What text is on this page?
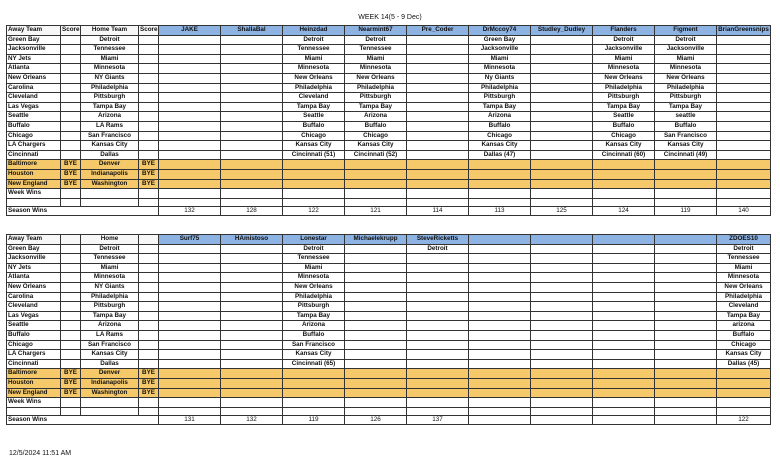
WEEK 14(5 - 9 Dec)
Away Team	Score	Home Team	Score	JAKE	ShallaBal	Heinzdad	Nearmint67	Pre_Coder	DrMccoy74	Studley_Dudley	Flanders	Figment	BrianGreensnips
Green Bay		Detroit				Detroit	Detroit		Green Bay		Detroit	Detroit	
Jacksonville		Tennessee				Tennessee	Tennessee		Jacksonville		Jacksonville	Jacksonville	
NY Jets		Miami				Miami	Miami		Miami		Miami	Miami	
Atlanta		Minnesota				Minnesota	Minnesota		Minnesota		Minnesota	Minnesota	
New Orleans		NY Giants				New Orleans	New Orleans		Ny Giants		New Orleans	New Orleans	
Carolina		Philadelphia				Philadelphia	Philadelphia		Philadelphia		Philadelphia	Philadelphia	
Cleveland		Pittsburgh				Cleveland	Pittsburgh		Pittsburgh		Pittsburgh	Pittsburgh	
Las Vegas		Tampa Bay				Tampa Bay	Tampa Bay		Tampa Bay		Tampa Bay	Tampa Bay	
Seattle		Arizona				Seattle	Arizona		Arizona		Seattle	seattle	
Buffalo		LA Rams				Buffalo	Buffalo		Buffalo		Buffalo	Buffalo	
Chicago		San Francisco				Chicago	Chicago		Chicago		Chicago	San Francisco	
LA Chargers		Kansas City				Kansas City	Kansas City		Kansas City		Kansas City	Kansas City	
Cincinnati		Dallas				Cincinnati (51)	Cincinnati (52)		Dallas (47)		Cincinnati (60)	Cincinnati (49)	
Baltimore	BYE	Denver	BYE										
Houston	BYE	Indianapolis	BYE										
New England	BYE	Washington	BYE										
Week Wins													

Season Wins				132	128	122	121	114	113	125	124	119	140
Away Team		Home		Surf75	HAmistoso	Lonestar	Michaelekrupp	SteveRicketts					ZDOES10
Green Bay		Detroit				Detroit		Detroit					Detroit
Jacksonville		Tennessee				Tennessee							Tennessee
NY Jets		Miami				Miami							Miami
Atlanta		Minnesota				Minnesota							Minnesota
New Orleans		NY Giants				New Orleans							New Orleans
Carolina		Philadelphia				Philadelphia							Philadelphia
Cleveland		Pittsburgh				Pittsburgh							Cleveland
Las Vegas		Tampa Bay				Tampa Bay							Tampa Bay
Seattle		Arizona				Arizona							arizona
Buffalo		LA Rams				Buffalo							Buffalo
Chicago		San Francisco				San Francisco							Chicago
LA Chargers		Kansas City				Kansas City							Kansas City
Cincinnati		Dallas				Cincinnati (65)							Dallas (45)
Baltimore	BYE	Denver	BYE										
Houston	BYE	Indianapolis	BYE										
New England	BYE	Washington	BYE										
Week Wins													

Season Wins				131	132	119	126	137					122
12/5/2024 11:51 AM
